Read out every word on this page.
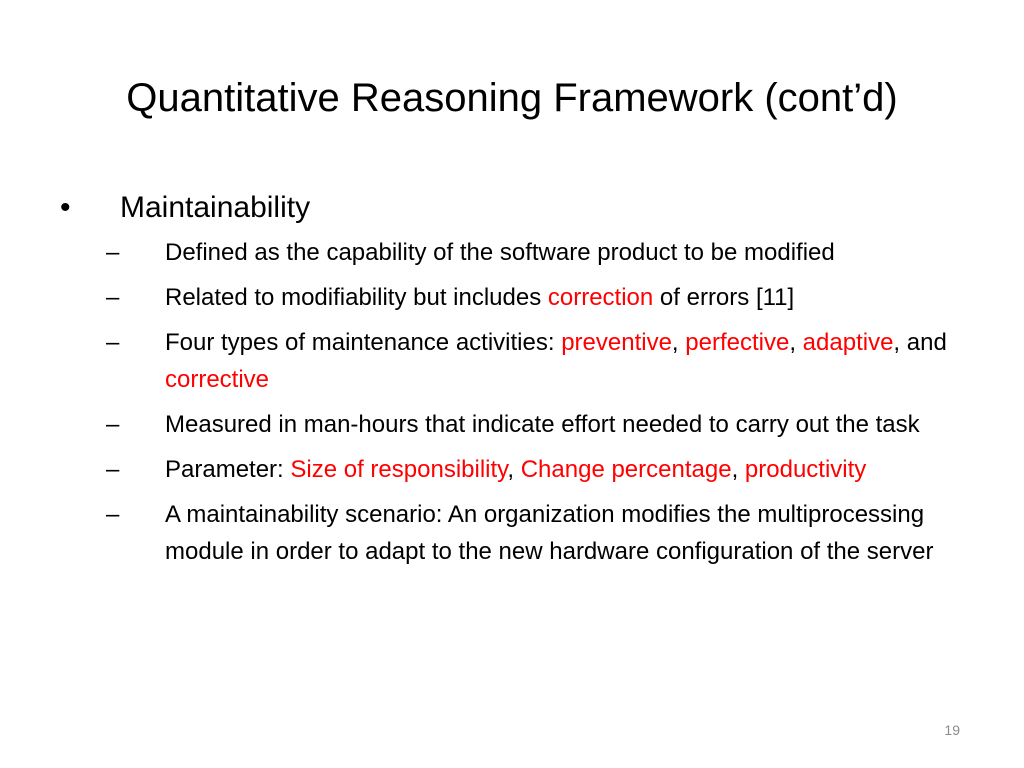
Quantitative Reasoning Framework (cont’d)
•	Maintainability
–	Defined as the capability of the software product to be modified
–	Related to modifiability but includes correction of errors [11]
–	Four types of maintenance activities: preventive, perfective, adaptive, and corrective
–	Measured in man-hours that indicate effort needed to carry out the task
–	Parameter: Size of responsibility, Change percentage, productivity
–	A maintainability scenario: An organization modifies the multiprocessing module in order to adapt to the new hardware configuration of the server
19
